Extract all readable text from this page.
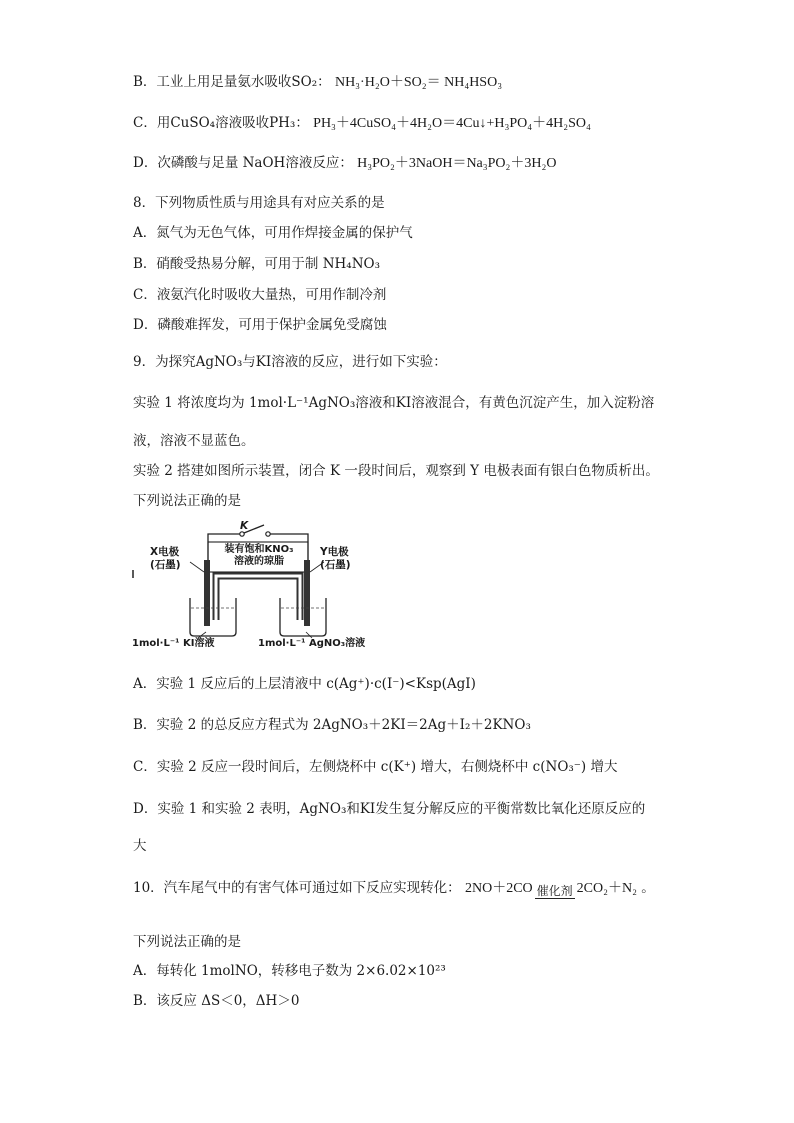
B．工业上用足量氨水吸收SO₂： NH₃·H₂O＋SO₂＝ NH₄HSO₃
C．用CuSO₄溶液吸收PH₃： PH₃＋4CuSO₄＋4H₂O＝4Cu↓+H₃PO₄＋4H₂SO₄
D．次磷酸与足量 NaOH溶液反应： H₃PO₂＋3NaOH＝Na₃PO₂＋3H₂O
8．下列物质性质与用途具有对应关系的是
A．氮气为无色气体，可用作焊接金属的保护气
B．硝酸受热易分解，可用于制 NH₄NO₃
C．液氨汽化时吸收大量热，可用作制冷剂
D．磷酸难挥发，可用于保护金属免受腐蚀
9．为探究AgNO₃与KI溶液的反应，进行如下实验：
实验 1 将浓度均为 1mol·L⁻¹AgNO₃溶液和KI溶液混合，有黄色沉淀产生，加入淀粉溶
液，溶液不显蓝色。
实验 2 搭建如图所示装置，闭合 K 一段时间后，观察到 Y 电极表面有银白色物质析出。
下列说法正确的是
K
装有饱和KNO₃
溶液的琼脂
X电极
(石墨)
Y电极
(石墨)
1mol·L⁻¹ KI溶液	1mol·L⁻¹ AgNO₃溶液
A．实验 1 反应后的上层清液中 c(Ag⁺)·c(I⁻)<Ksp(AgI)
B．实验 2 的总反应方程式为 2AgNO₃＋2KI＝2Ag＋I₂＋2KNO₃
C．实验 2 反应一段时间后，左侧烧杯中 c(K⁺) 增大，右侧烧杯中 c(NO₃⁻) 增大
D．实验 1 和实验 2 表明，AgNO₃和KI发生复分解反应的平衡常数比氧化还原反应的
大
10．汽车尾气中的有害气体可通过如下反应实现转化： 2NO＋2CO 催化剂 2CO₂＋N₂ 。
下列说法正确的是
A．每转化 1molNO，转移电子数为 2×6.02×10²³
B．该反应 ΔS＜0，ΔH＞0
